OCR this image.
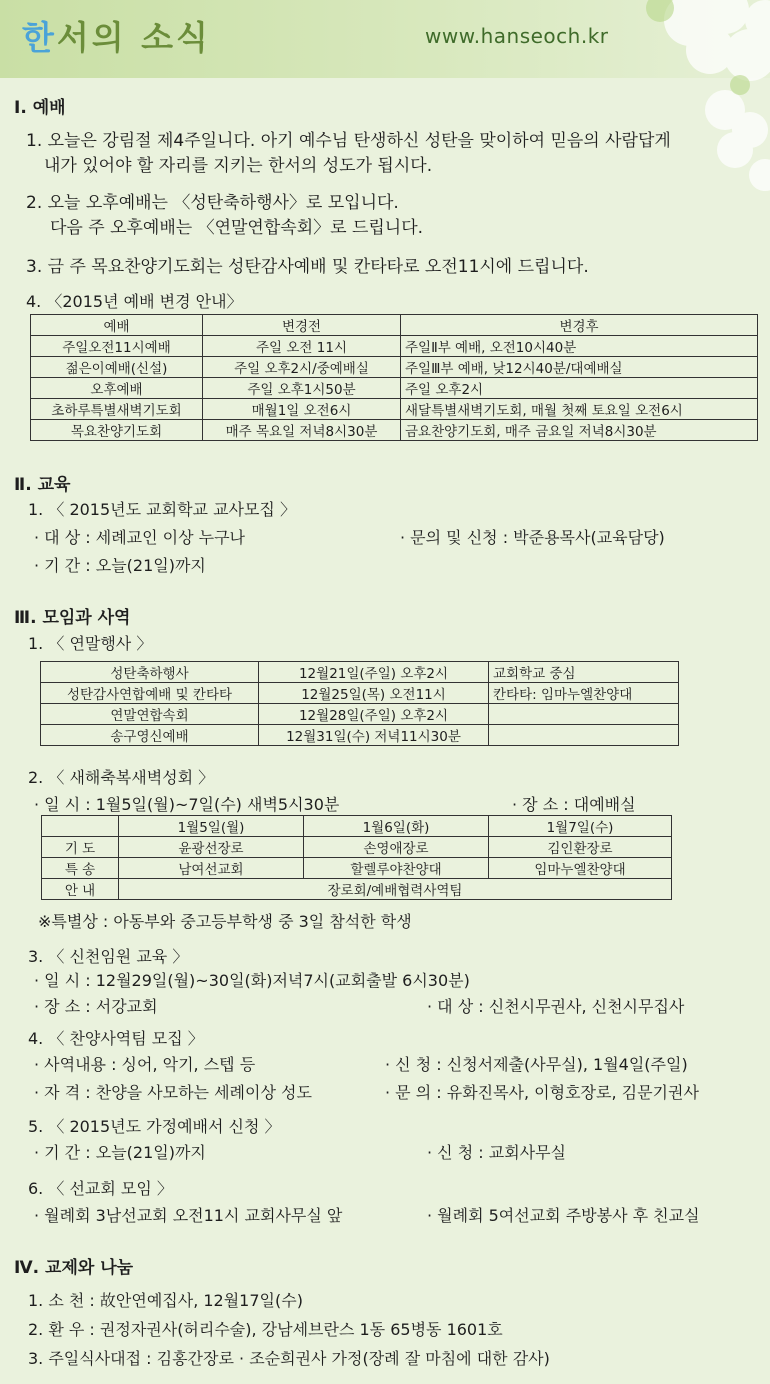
한서의 소식	www.hanseoch.kr
Ⅰ. 예배
1. 오늘은 강림절 제4주일니다. 아기 예수님 탄생하신 성탄을 맞이하여 믿음의 사람답게
내가 있어야 할 자리를 지키는 한서의 성도가 됩시다.
2. 오늘 오후예배는 〈성탄축하행사〉로 모입니다.
다음 주 오후예배는 〈연말연합속회〉로 드립니다.
3. 금 주 목요찬양기도회는 성탄감사예배 및 칸타타로 오전11시에 드립니다.
4. 〈2015년 예배 변경 안내〉
예배	변경전	변경후
주일오전11시예배	주일 오전 11시	주일Ⅱ부 예배, 오전10시40분
젊은이예배(신설)	주일 오후2시/중예배실	주일Ⅲ부 예배, 낮12시40분/대예배실
오후예배	주일 오후1시50분	주일 오후2시
초하루특별새벽기도회	매월1일 오전6시	새달특별새벽기도회, 매월 첫째 토요일 오전6시
목요찬양기도회	매주 목요일 저녁8시30분	금요찬양기도회, 매주 금요일 저녁8시30분
Ⅱ. 교육
1. 〈 2015년도 교회학교 교사모집 〉
· 대 상 : 세례교인 이상 누구나	· 문의 및 신청 : 박준용목사(교육담당)
· 기 간 : 오늘(21일)까지
Ⅲ. 모임과 사역
1. 〈 연말행사 〉
성탄축하행사	12월21일(주일) 오후2시	교회학교 중심
성탄감사연합예배 및 칸타타	12월25일(목) 오전11시	칸타타: 임마누엘찬양대
연말연합속회	12월28일(주일) 오후2시	
송구영신예배	12월31일(수) 저녁11시30분	
2. 〈 새해축복새벽성회 〉
· 일 시 : 1월5일(월)~7일(수) 새벽5시30분	· 장 소 : 대예배실
	1월5일(월)	1월6일(화)	1월7일(수)
기 도	윤광선장로	손영애장로	김인환장로
특 송	남여선교회	할렐루야찬양대	임마누엘찬양대
안 내	장로회/예배협력사역팀		
※특별상 : 아동부와 중고등부학생 중 3일 참석한 학생
3. 〈 신천임원 교육 〉
· 일 시 : 12월29일(월)~30일(화)저녁7시(교회출발 6시30분)
· 장 소 : 서강교회	· 대 상 : 신천시무권사, 신천시무집사
4. 〈 찬양사역팀 모집 〉
· 사역내용 : 싱어, 악기, 스텝 등	· 신 청 : 신청서제출(사무실), 1월4일(주일)
· 자 격 : 찬양을 사모하는 세례이상 성도	· 문 의 : 유화진목사, 이형호장로, 김문기권사
5. 〈 2015년도 가정예배서 신청 〉
· 기 간 : 오늘(21일)까지	· 신 청 : 교회사무실
6. 〈 선교회 모임 〉
· 월례회 3남선교회 오전11시 교회사무실 앞	· 월례회 5여선교회 주방봉사 후 친교실
Ⅳ. 교제와 나눔
1. 소 천 : 故안연예집사, 12월17일(수)
2. 환 우 : 권정자권사(허리수술), 강남세브란스 1동 65병동 1601호
3. 주일식사대접 : 김홍간장로 · 조순희권사 가정(장례 잘 마침에 대한 감사)
